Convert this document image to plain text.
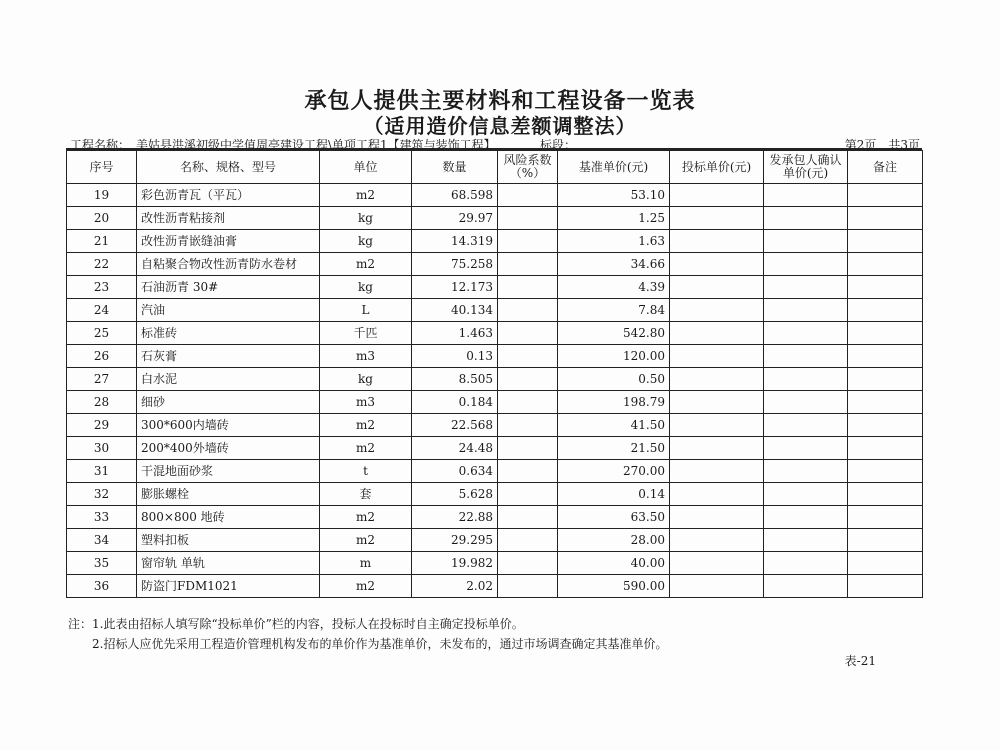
承包人提供主要材料和工程设备一览表
（适用造价信息差额调整法）
工程名称：　美姑县洪溪初级中学值周亭建设工程\单项工程1【建筑与装饰工程】	标段：	第2页　共3页
序号	名称、规格、型号	单位	数量	风险系数（%）	基准单价(元)	投标单价(元)	发承包人确认单价(元)	备注
19	彩色沥青瓦（平瓦）	m2	68.598		53.10			
20	改性沥青粘接剂	kg	29.97		1.25			
21	改性沥青嵌缝油膏	kg	14.319		1.63			
22	自粘聚合物改性沥青防水卷材	m2	75.258		34.66			
23	石油沥青 30#	kg	12.173		4.39			
24	汽油	L	40.134		7.84			
25	标准砖	千匹	1.463		542.80			
26	石灰膏	m3	0.13		120.00			
27	白水泥	kg	8.505		0.50			
28	细砂	m3	0.184		198.79			
29	300*600内墙砖	m2	22.568		41.50			
30	200*400外墙砖	m2	24.48		21.50			
31	干混地面砂浆	t	0.634		270.00			
32	膨胀螺栓	套	5.628		0.14			
33	800×800 地砖	m2	22.88		63.50			
34	塑料扣板	m2	29.295		28.00			
35	窗帘轨 单轨	m	19.982		40.00			
36	防盗门FDM1021	m2	2.02		590.00			
注：1.此表由招标人填写除“投标单价”栏的内容，投标人在投标时自主确定投标单价。
　　2.招标人应优先采用工程造价管理机构发布的单价作为基准单价，未发布的，通过市场调查确定其基准单价。
表-21
